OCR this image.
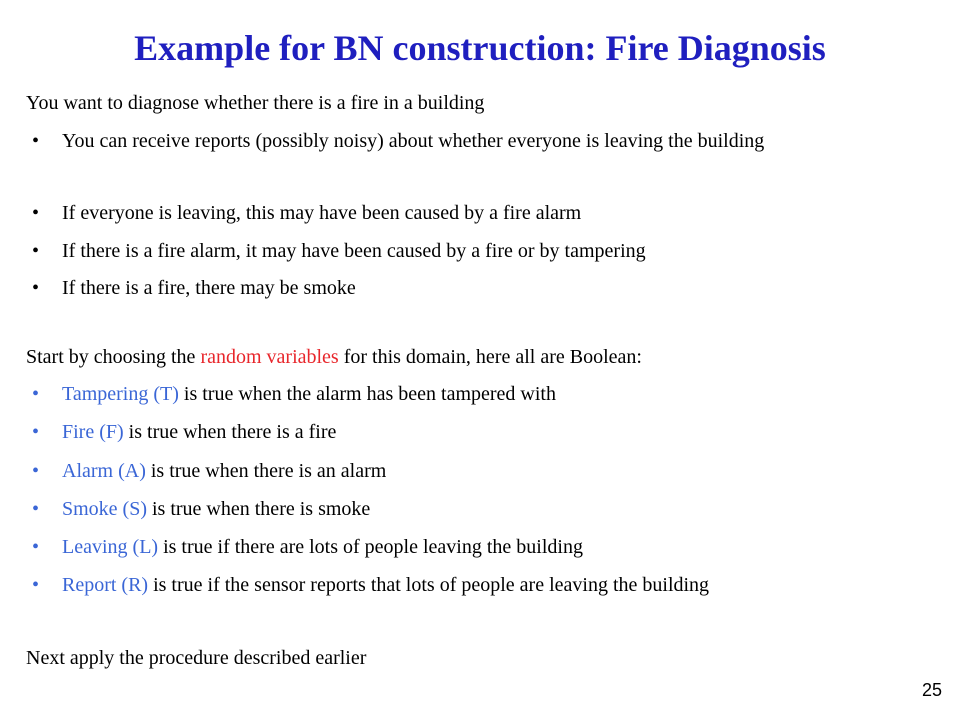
Example for BN construction: Fire Diagnosis
You want to diagnose whether there is a fire in a building
•	You can receive reports (possibly noisy) about whether everyone is leaving the building
•	If everyone is leaving, this may have been caused by a fire alarm
•	If there is a fire alarm, it may have been caused by a fire or by tampering
•	If there is a fire, there may be smoke
Start by choosing the random variables for this domain, here all are Boolean:
•	Tampering (T) is true when the alarm has been tampered with
•	Fire (F) is true when there is a fire
•	Alarm (A) is true when there is an alarm
•	Smoke (S) is true when there is smoke
•	Leaving (L) is true if there are lots of people leaving the building
•	Report (R) is true if the sensor reports that lots of people are leaving the building
Next apply the procedure described earlier
25
